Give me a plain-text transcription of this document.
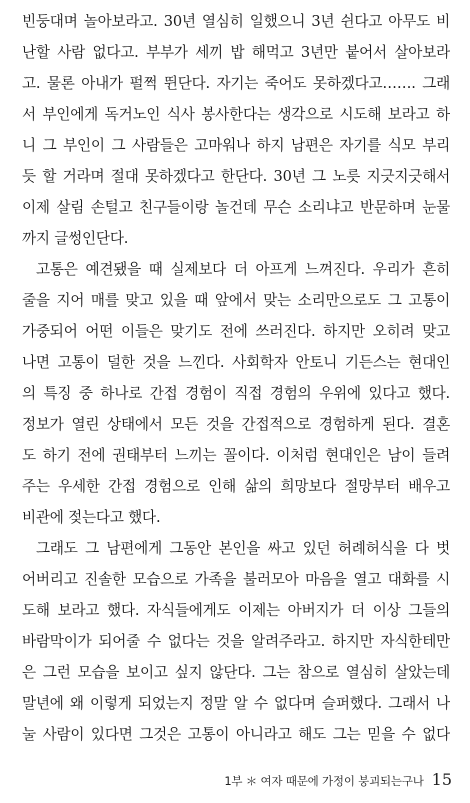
빈둥대며 놀아보라고. 30년 열심히 일했으니 3년 쉰다고 아무도 비
난할 사람 없다고. 부부가 세끼 밥 해먹고 3년만 붙어서 살아보라
고. 물론 아내가 펄쩍 뛴단다. 자기는 죽어도 못하겠다고……. 그래
서 부인에게 독거노인 식사 봉사한다는 생각으로 시도해 보라고 하
니 그 부인이 그 사람들은 고마워나 하지 남편은 자기를 식모 부리
듯 할 거라며 절대 못하겠다고 한단다. 30년 그 노릇 지긋지긋해서
이제 살림 손털고 친구들이랑 놀건데 무슨 소리냐고 반문하며 눈물
까지 글썽인단다.
고통은 예견됐을 때 실제보다 더 아프게 느껴진다. 우리가 흔히
줄을 지어 매를 맞고 있을 때 앞에서 맞는 소리만으로도 그 고통이
가중되어 어떤 이들은 맞기도 전에 쓰러진다. 하지만 오히려 맞고
나면 고통이 덜한 것을 느낀다. 사회학자 안토니 기든스는 현대인
의 특징 중 하나로 간접 경험이 직접 경험의 우위에 있다고 했다.
정보가 열린 상태에서 모든 것을 간접적으로 경험하게 된다. 결혼
도 하기 전에 권태부터 느끼는 꼴이다. 이처럼 현대인은 남이 들려
주는 우세한 간접 경험으로 인해 삶의 희망보다 절망부터 배우고
비관에 젖는다고 했다.
그래도 그 남편에게 그동안 본인을 싸고 있던 허례허식을 다 벗
어버리고 진솔한 모습으로 가족을 불러모아 마음을 열고 대화를 시
도해 보라고 했다. 자식들에게도 이제는 아버지가 더 이상 그들의
바람막이가 되어줄 수 없다는 것을 알려주라고. 하지만 자식한테만
은 그런 모습을 보이고 싶지 않단다. 그는 참으로 열심히 살았는데
말년에 왜 이렇게 되었는지 정말 알 수 없다며 슬퍼했다. 그래서 나
눌 사람이 있다면 그것은 고통이 아니라고 해도 그는 믿을 수 없다
1부 ＊ 여자 때문에 가정이 붕괴되는구나 15
